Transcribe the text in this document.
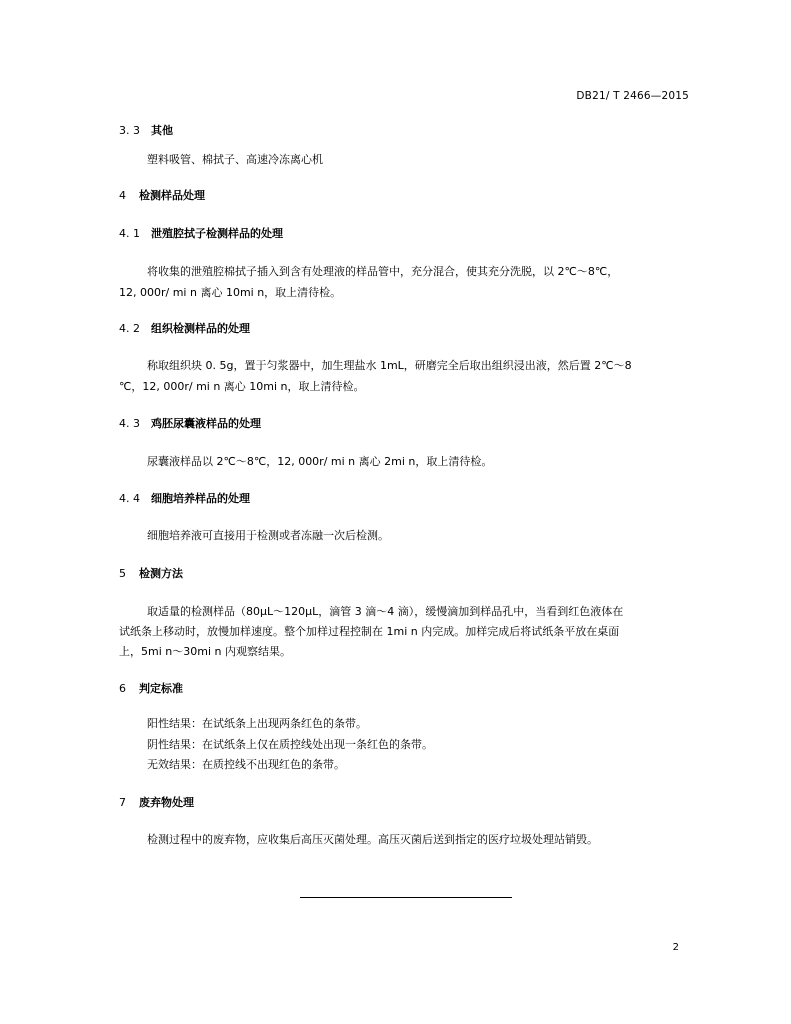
DB21/ T 2466—2015
3. 3 其他
塑料吸管、棉拭子、高速冷冻离心机
4 检测样品处理
4. 1 泄殖腔拭子检测样品的处理
将收集的泄殖腔棉拭子插入到含有处理液的样品管中，充分混合，使其充分洗脱，以 2℃～8℃，
12, 000r/ mi n 离心 10mi n，取上清待检。
4. 2 组织检测样品的处理
称取组织块 0. 5g，置于匀浆器中，加生理盐水 1mL，研磨完全后取出组织浸出液，然后置 2℃～8
℃，12, 000r/ mi n 离心 10mi n，取上清待检。
4. 3 鸡胚尿囊液样品的处理
尿囊液样品以 2℃～8℃，12, 000r/ mi n 离心 2mi n，取上清待检。
4. 4 细胞培养样品的处理
细胞培养液可直接用于检测或者冻融一次后检测。
5 检测方法
取适量的检测样品（80μL～120μL，滴管 3 滴～4 滴），缓慢滴加到样品孔中，当看到红色液体在
试纸条上移动时，放慢加样速度。整个加样过程控制在 1mi n 内完成。加样完成后将试纸条平放在桌面
上，5mi n～30mi n 内观察结果。
6 判定标准
阳性结果：在试纸条上出现两条红色的条带。
阴性结果：在试纸条上仅在质控线处出现一条红色的条带。
无效结果：在质控线不出现红色的条带。
7 废弃物处理
检测过程中的废弃物，应收集后高压灭菌处理。高压灭菌后送到指定的医疗垃圾处理站销毁。
2
